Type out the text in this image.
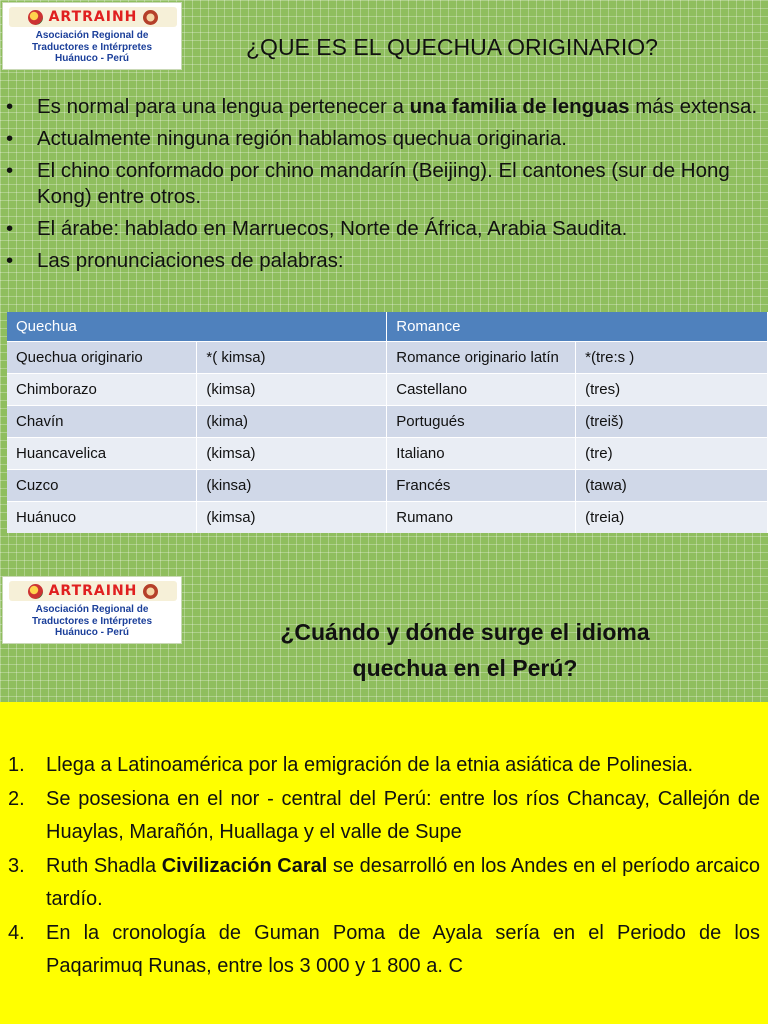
ARTRAINH
Asociación Regional de
Traductores e Intérpretes
Huánuco - Perú	¿QUE ES EL QUECHUA ORIGINARIO?
• Es normal para una lengua pertenecer a una familia de lenguas más extensa.
• Actualmente ninguna región hablamos quechua originaria.
• El chino conformado por chino mandarín (Beijing). El cantones (sur de Hong Kong) entre otros.
• El árabe: hablado en Marruecos, Norte de África, Arabia Saudita.
• Las pronunciaciones de palabras:
Quechua		Romance	
Quechua originario	*( kimsa)	Romance originario latín	*(tre:s )
Chimborazo	(kimsa)	Castellano	(tres)
Chavín	(kima)	Portugués	(treiš)
Huancavelica	(kimsa)	Italiano	(tre)
Cuzco	(kinsa)	Francés	(tawa)
Huánuco	(kimsa)	Rumano	(treia)
ARTRAINH
Asociación Regional de
Traductores e Intérpretes
Huánuco - Perú	¿Cuándo y dónde surge el idioma quechua en el Perú?
1. Llega a Latinoamérica por la emigración de la etnia asiática de Polinesia.
2. Se posesiona en el nor - central del Perú: entre los ríos Chancay, Callejón de Huaylas, Marañón, Huallaga y el valle de Supe
3. Ruth Shadla Civilización Caral se desarrolló en los Andes en el período arcaico tardío.
4. En la cronología de Guman Poma de Ayala sería en el Periodo de los Paqarimuq Runas, entre los 3 000 y 1 800 a. C
